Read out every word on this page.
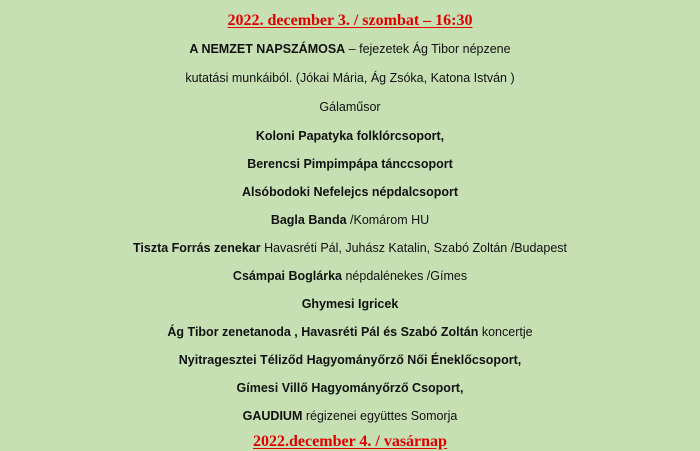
2022. december 3. / szombat – 16:30
A NEMZET NAPSZÁMOSA – fejezetek Ág Tibor népzene
kutatási munkáiból. (Jókai Mária, Ág Zsóka, Katona István )
Gálaműsor
Koloni Papatyka folklórcsoport,
Berencsi Pimpimpápa tánccsoport
Alsóbodoki Nefelejcs népdalcsoport
Bagla Banda /Komárom HU
Tiszta Forrás zenekar Havasréti Pál, Juhász Katalin, Szabó Zoltán /Budapest
Csámpai Boglárka népdalénekes /Gímes
Ghymesi Igricek
Ág Tibor zenetanoda , Havasréti Pál és Szabó Zoltán koncertje
Nyitragesztei Téliződ Hagyományőrző Női Éneklőcsoport,
Gímesi Villő Hagyományőrző Csoport,
GAUDIUM régizenei együttes Somorja
2022.december 4. / vasárnap
